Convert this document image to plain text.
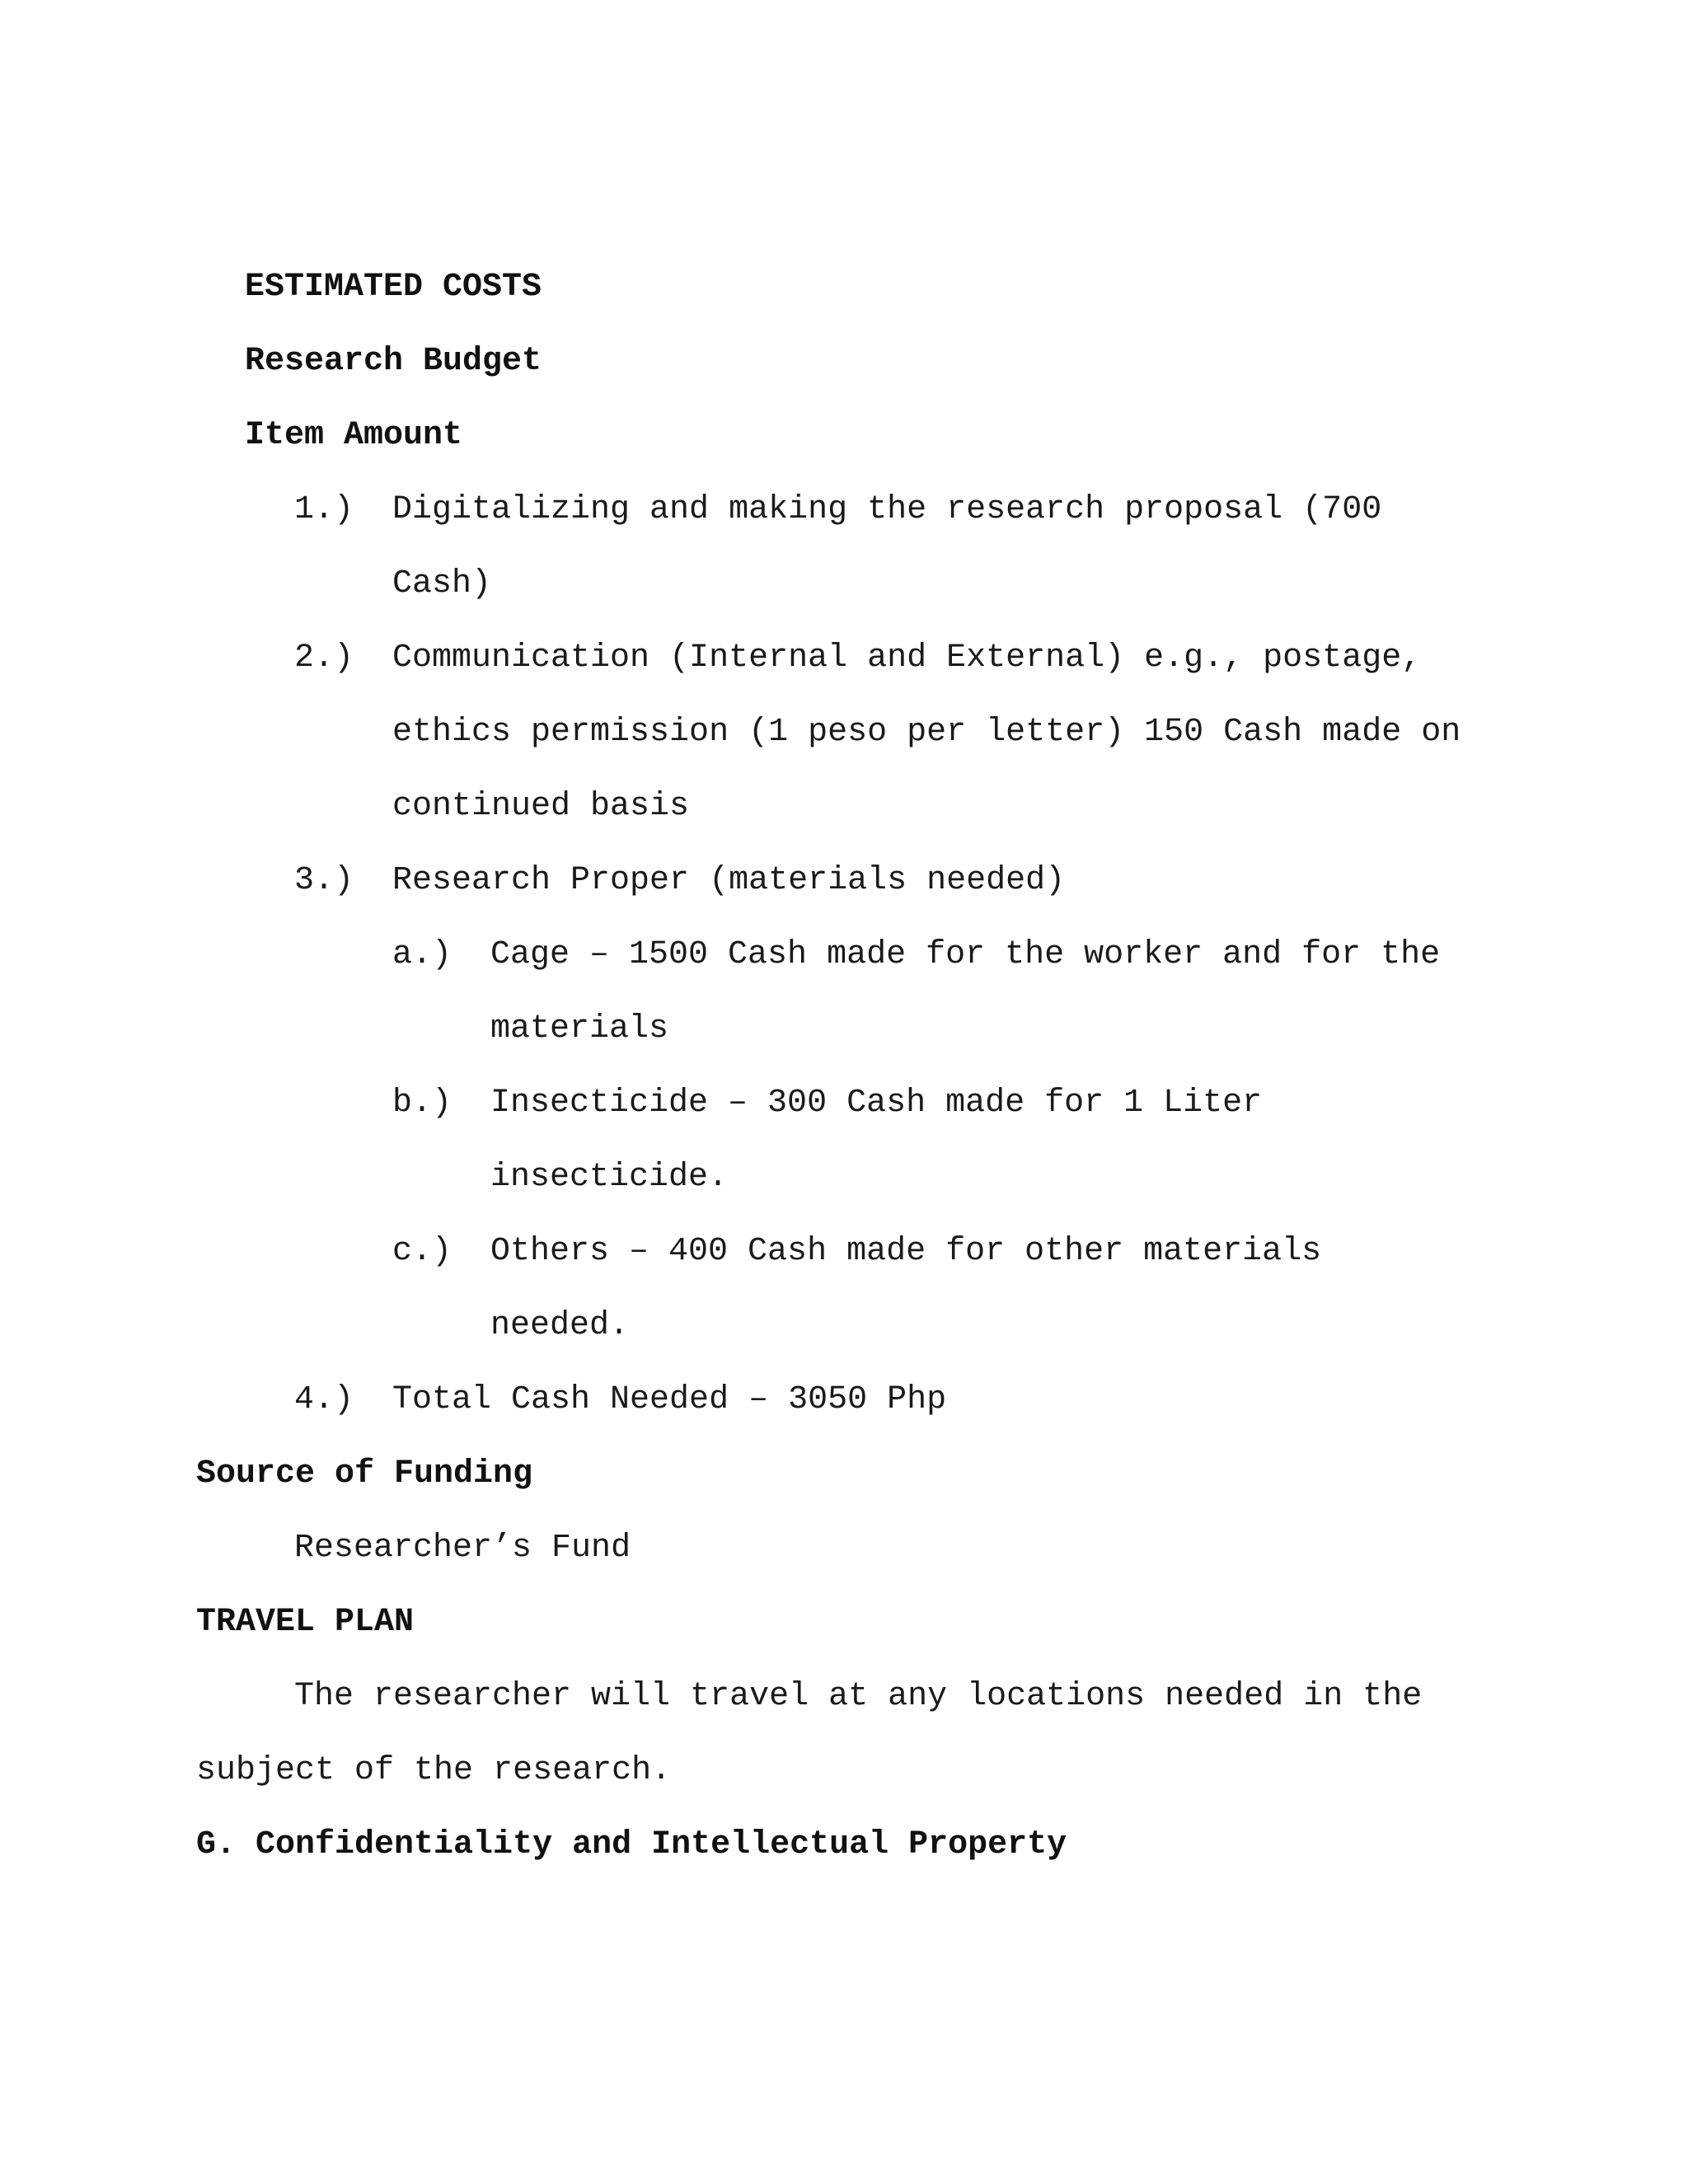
ESTIMATED COSTS
Research Budget
Item Amount
1.) Digitalizing and making the research proposal (700
Cash)
2.) Communication (Internal and External) e.g., postage,
ethics permission (1 peso per letter) 150 Cash made on
continued basis
3.) Research Proper (materials needed)
a.) Cage – 1500 Cash made for the worker and for the
materials
b.) Insecticide – 300 Cash made for 1 Liter
insecticide.
c.) Others – 400 Cash made for other materials
needed.
4.) Total Cash Needed – 3050 Php
Source of Funding
Researcher’s Fund
TRAVEL PLAN
The researcher will travel at any locations needed in the
subject of the research.
G. Confidentiality and Intellectual Property
